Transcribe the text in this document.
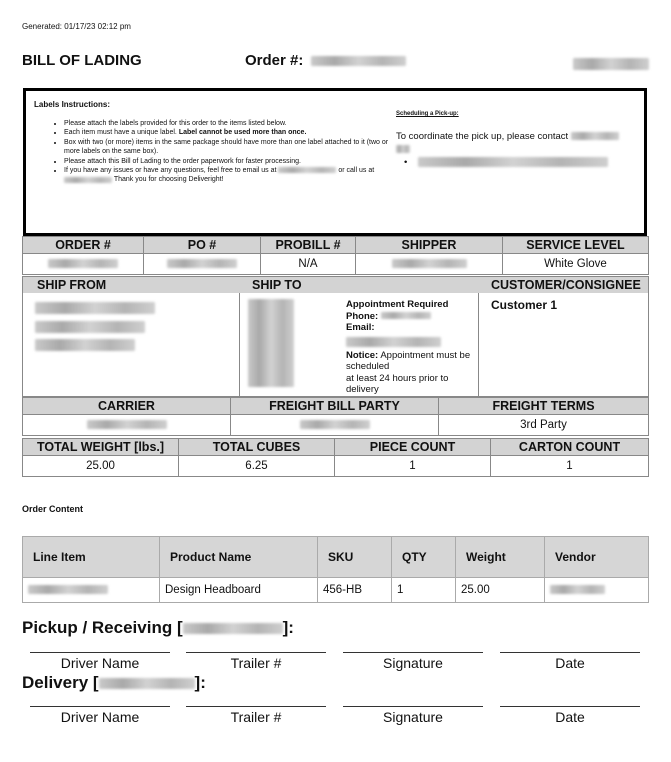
Generated: 01/17/23 02:12 pm
BILL OF LADING	Order #:
Labels Instructions:
• Please attach the labels provided for this order to the items listed below.
• Each item must have a unique label. Label cannot be used more than once.
• Box with two (or more) items in the same package should have more than one label attached to it (two or more labels on the same box).
• Please attach this Bill of Lading to the order paperwork for faster processing.
• If you have any issues or have any questions, feel free to email us at	or call us at  Thank you for choosing Deliveright!
Scheduling a Pick-up:
To coordinate the pick up, please contact

•
ORDER #	PO #	PROBILL #	SHIPPER	SERVICE LEVEL
		N/A		White Glove
SHIP FROM	SHIP TO
Appointment Required
Phone:
Email:

Notice: Appointment must be scheduled
at least 24 hours prior to delivery
CUSTOMER/CONSIGNEE
Customer 1
CARRIER	FREIGHT BILL PARTY	FREIGHT TERMS
		3rd Party
TOTAL WEIGHT [lbs.]	TOTAL CUBES	PIECE COUNT	CARTON COUNT
25.00	6.25	1	1
Order Content
Line Item	Product Name	SKU	QTY	Weight	Vendor
	Design Headboard	456-HB	1	25.00	
Pickup / Receiving [	]:
Driver Name	Trailer #	Signature	Date
Delivery [	]:
Driver Name	Trailer #	Signature	Date
